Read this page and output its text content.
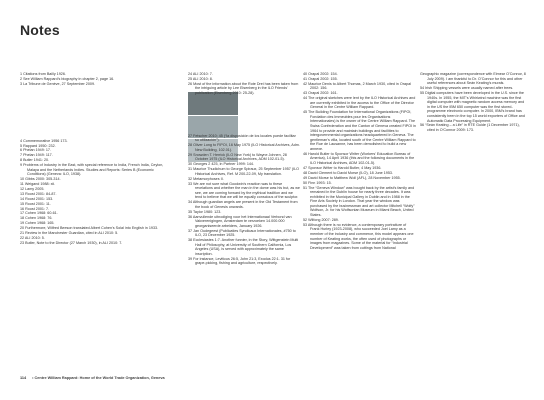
Notes

1 Citations from Bailly 1926.

2 See William Rappard’s biography in chapter 2, page 16.

3 La Tribune de Genève, 27 September 2009.

4 Commemorative 1956 173.

5 Rappard 1950: 232.

6 Phelan 1949: 17.

7 Phelan 1949: 117.

8 Butler 1941: 20.

9 Problems of Industry in the East, with special reference to India, French India, Ceylon, Malaya and the Netherlands Indies. Studies and Reports: Series B (Economic Conditions) (Geneva: ILO, 1938).

10 Gibbs 2000: 305-314.

11 Weigand 1988: xii.

12 Lamy 2005.

13 Roost 2001: 84-87.

14 Roost 2001: 153.

15 Roost 2001: 11.

16 Roost 2001: 7.

17 Cohen 1968: 60-61.

18 Cohen 1968: 76.

19 Cohen 1968: 165.

20 Furthermore, Wilfred Beeson translated Albert Cohen’s Solal into English in 1933.

21 Review in the Manchester Guardian, cited in ALI 2010: 5.

22 ALI 2010: 5.

23 Butler, Note to the Director (27 March 1930), in ALI 2010: 7.

24 ALI 2010: 7.

25 ALI 2010: 8.

26 Most of the information about the Rote Drei has been taken from the intriguing article by Lee Eisenberg in the ILO Friends’ publication (Eisenberg 2010: 25-28).

27 Fetscher 2010: 45 (“la disposición de los locales puede facilitar su utilización”).

28 Oliver Long to FIPOI, 16 May 1975 (ILO Historical Archives, Adm. New Building, 102.01).

29 Snowden T. Herrick (ILO New York) to Wayne Johnen, 28 October 1975 (ILO Historical Archives, ADM 102-01-5).

30 Georges 2 425, in Partner 1999: 144.

31 Maurice Thudichum to George Spiraux, 25 September 1957 (ILO Historical Archives, Ref. M 200-22-09, My translation.

32 Metamorphoses II.

33 We are not sure what Goodwin’s reaction was to these revelations and whether the man in the dome was his but, as we see, we are coming forward by the mythical tradition and we tend to believe that we will be equally conscious of the sculptor.

34 Although guardian angels are present in the Old Testament from the book of Genesis onwards.

35 Taylor 1980: 123.

36 Aanvullende uitnodiging voor het Internationaal Verbond van Vakverenigingen, Amsterdam te verzoeken 14.000.000 georganiseerde arbeiders, January 1926.

37 Jan Oudegeest (Publicaties Syndicaux Internationales, #750 to ILO, 23 December 1925.

38 Ecclesiastes 1:7. Another funnier, in the Story, Wittgenstein Multi Hall of Philosophy, at University of Southern California, Los Angeles (USA), is served with approximately the same inscription.

39 For instance, Leviticus 26:5, John 21:3, Exodus 22:1. 31 for grape-picking, fishing and agriculture, respectively.

40 Orapal 2002: 154.

41 Orapal 2002: 155.

42 Maurice Denis to Albert Thomas, 2 March 1930, cited in Orapal 2002: 156.

43 Orapal 2002: 161.

44 The original sketches were lent by the ILO Historical Archives and are currently exhibited in the access to the Office of the Director General in the Centre William Rappard.

45 The Building Foundation for International Organizations (FIPOI, Fondation des Immeubles pour les Organisations Internationales) is the owner of the Centre William Rappard. The Swiss Confederation and the Canton of Geneva created FIPOI in 1964 to provide and maintain buildings and facilities to intergovernmental organizations headquartered in Geneva. The gentleman’s villa, located south of the Centre William Rappard to the Rue de Lausanne, has been demolished to build a new annexe.

46 Harold Butler to Sponsor Writer (Workers’ Education Bureau of America), 14 April 1936 (this and the following documents in the ILO Historical Archives, ADM 102-01-5).

47 Sponsor Writer to Harold Butler, 4 May 1936.

48 David Clement to David Morse (ILO), 18 June 1953.

49 David Morse to Matthew Woll (AFL), 28 November 1955.

50 Finn 1993: 15.

51 The “Geneva Window” was bought back by the artist’s family and remained in the Dublin house for nearly three decades. It was exhibited in the Municipal Gallery in Dublin and in 1988 in the Fine Arts Society in London. That year the window was purchased by the businessman and art collector Mitchell “Wolfy” Wolfson, Jr. for his Wolfsonian Museum in Miami Beach, United States.

52 Wilfong 2007: 289.

53 Although there is no evidence, a contemporary portraiture of Frank Hurley (1923-2008), who succeeded Joel Lamy as a member of the industry and commerce, this model appears one number of Keating works, the often used of photographs or images from magazines. Some of the material for “Industrial Development” was taken from cuttings from National

Geographic magazine (correspondence with Eimear O’Connor, 8 July 2009). I am thankful to Dr. O’Connor for this and other useful references about Seán Keating’s murals.

54 Irish Shipping vessels were usually named after trees.

55 Digital computers have been developed in the U.S. since the 1940s. In 1955, the MIT’s Whirlwind machine was the first digital computer with magnetic random access memory and in the US the IBM 650 computer was the first stored-programme electronic computer. In 2000, IBM’s brand has consistently been in the top 15 world exporters of Office and Automatic Data Processing Equipment.

56 “Seán Keating – a Life” in RTE Guide (1 December 1971), cited in O’Connor 2009: 173.

114 • Centre William Rappard: Home of the World Trade Organization, Geneva
